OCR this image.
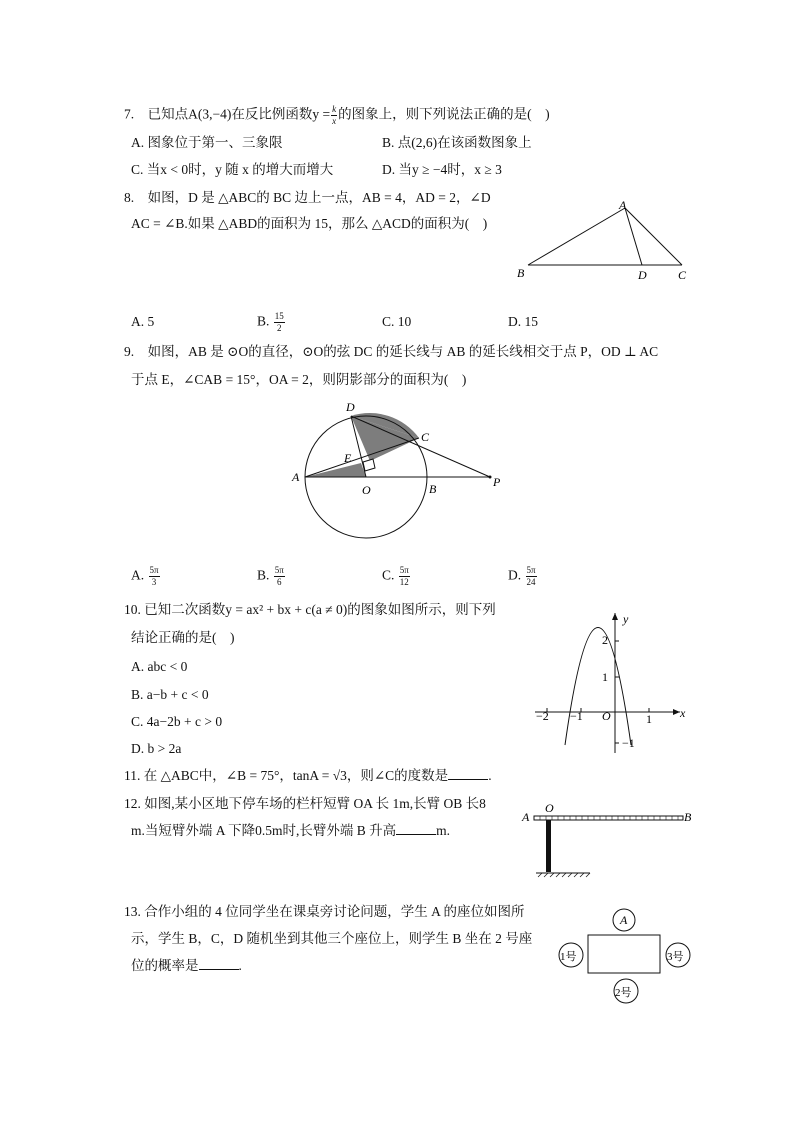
7.　已知点A(3,−4)在反比例函数$y = \frac{k}{x}$ 的图象上，则下列说法正确的是(　)
A. 图象位于第一、三象限	B. 点(2,6)在该函数图象上
C. 当x < 0时，y 随 x 的增大而增大	D. 当y ≥ −4时，x ≥ 3
8.　如图，D 是 △ABC的 BC 边上一点，AB = 4，AD = 2，∠D
AC = ∠B.如果 △ABD的面积为 15，那么 △ACD的面积为(　)
A
B	D	C
A. 5	B. $\frac{15}{2}$	C. 10	D. 15
9.　如图，AB 是 ⊙O的直径，⊙O的弦 DC 的延长线与 AB 的延长线相交于点 P，OD ⊥ AC
于点 E，∠CAB = 15°，OA = 2，则阴影部分的面积为(　)
D
C
E
A
O	B	P
A. $\frac{5\pi}{3}$	B. $\frac{5\pi}{6}$	C. $\frac{5\pi}{12}$	D. $\frac{5\pi}{24}$
10. 已知二次函数y = ax² + bx + c(a ≠ 0)的图象如图所示，则下列
结论正确的是(　)
A. abc < 0
B. a−b + c < 0
C. 4a−2b + c > 0
D. b > 2a
y
x
2
1
−1
−2 −1 O	1
11. 在 △ABC中，∠B = 75°，tanA = √3，则∠C的度数是	.
12. 如图,某小区地下停车场的栏杆短臂 OA 长 1m,长臂 OB 长8
m.当短臂外端 A 下降0.5m时,长臂外端 B 升高	m.
A
O
B
13. 合作小组的 4 位同学坐在课桌旁讨论问题，学生 A 的座位如图所
示，学生 B，C，D 随机坐到其他三个座位上，则学生 B 坐在 2 号座
位的概率是	.
A
1号	3号
2号
